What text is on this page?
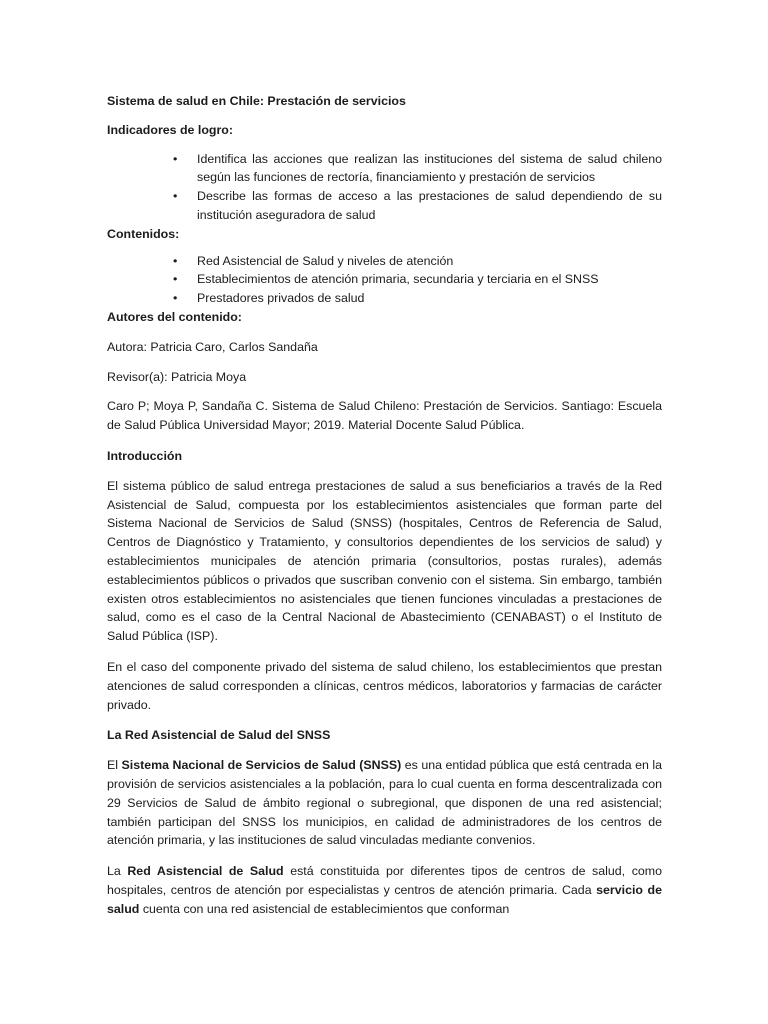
Sistema de salud en Chile: Prestación de servicios

Indicadores de logro:

• Identifica las acciones que realizan las instituciones del sistema de salud chileno según las funciones de rectoría, financiamiento y prestación de servicios
• Describe las formas de acceso a las prestaciones de salud dependiendo de su institución aseguradora de salud

Contenidos:

• Red Asistencial de Salud y niveles de atención
• Establecimientos de atención primaria, secundaria y terciaria en el SNSS
• Prestadores privados de salud

Autores del contenido:

Autora: Patricia Caro, Carlos Sandaña

Revisor(a): Patricia Moya

Caro P; Moya P, Sandaña C. Sistema de Salud Chileno: Prestación de Servicios. Santiago: Escuela de Salud Pública Universidad Mayor; 2019. Material Docente Salud Pública.

Introducción

El sistema público de salud entrega prestaciones de salud a sus beneficiarios a través de la Red Asistencial de Salud, compuesta por los establecimientos asistenciales que forman parte del Sistema Nacional de Servicios de Salud (SNSS) (hospitales, Centros de Referencia de Salud, Centros de Diagnóstico y Tratamiento, y consultorios dependientes de los servicios de salud) y establecimientos municipales de atención primaria (consultorios, postas rurales), además establecimientos públicos o privados que suscriban convenio con el sistema. Sin embargo, también existen otros establecimientos no asistenciales que tienen funciones vinculadas a prestaciones de salud, como es el caso de la Central Nacional de Abastecimiento (CENABAST) o el Instituto de Salud Pública (ISP).

En el caso del componente privado del sistema de salud chileno, los establecimientos que prestan atenciones de salud corresponden a clínicas, centros médicos, laboratorios y farmacias de carácter privado.

La Red Asistencial de Salud del SNSS

El Sistema Nacional de Servicios de Salud (SNSS) es una entidad pública que está centrada en la provisión de servicios asistenciales a la población, para lo cual cuenta en forma descentralizada con 29 Servicios de Salud de ámbito regional o subregional, que disponen de una red asistencial; también participan del SNSS los municipios, en calidad de administradores de los centros de atención primaria, y las instituciones de salud vinculadas mediante convenios.

La Red Asistencial de Salud está constituida por diferentes tipos de centros de salud, como hospitales, centros de atención por especialistas y centros de atención primaria. Cada servicio de salud cuenta con una red asistencial de establecimientos que conforman
